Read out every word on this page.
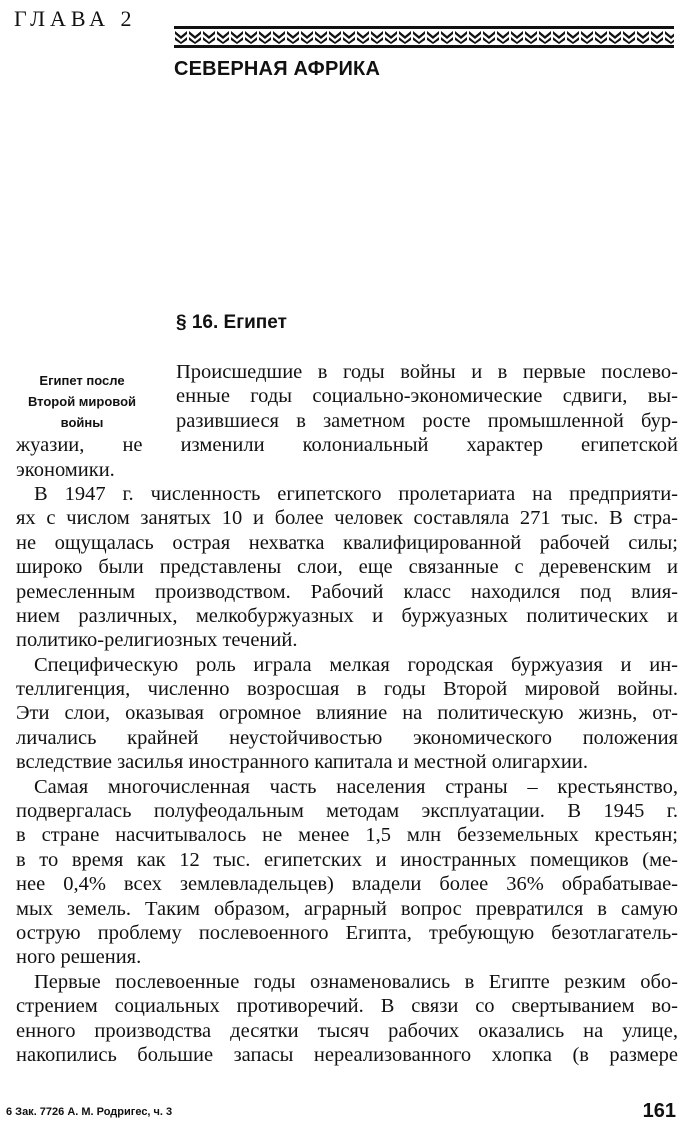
ГЛАВА 2
СЕВЕРНАЯ АФРИКА
§ 16. Египет
Египет после
Второй мировой
войны
Происшедшие в годы войны и в первые послево-
енные годы социально-экономические сдвиги, вы-
разившиеся в заметном росте промышленной бур-
жуазии, не изменили колониальный характер египетской
экономики.
В 1947 г. численность египетского пролетариата на предприяти-
ях с числом занятых 10 и более человек составляла 271 тыс. В стра-
не ощущалась острая нехватка квалифицированной рабочей силы;
широко были представлены слои, еще связанные с деревенским и
ремесленным производством. Рабочий класс находился под влия-
нием различных, мелкобуржуазных и буржуазных политических и
политико-религиозных течений.
Специфическую роль играла мелкая городская буржуазия и ин-
теллигенция, численно возросшая в годы Второй мировой войны.
Эти слои, оказывая огромное влияние на политическую жизнь, от-
личались крайней неустойчивостью экономического положения
вследствие засилья иностранного капитала и местной олигархии.
Самая многочисленная часть населения страны – крестьянство,
подвергалась полуфеодальным методам эксплуатации. В 1945 г.
в стране насчитывалось не менее 1,5 млн безземельных крестьян;
в то время как 12 тыс. египетских и иностранных помещиков (ме-
нее 0,4% всех землевладельцев) владели более 36% обрабатывае-
мых земель. Таким образом, аграрный вопрос превратился в самую
острую проблему послевоенного Египта, требующую безотлагатель-
ного решения.
Первые послевоенные годы ознаменовались в Египте резким обо-
стрением социальных противоречий. В связи со свертыванием во-
енного производства десятки тысяч рабочих оказались на улице,
накопились большие запасы нереализованного хлопка (в размере
6 Зак. 7726 А. М. Родригес, ч. 3	161
